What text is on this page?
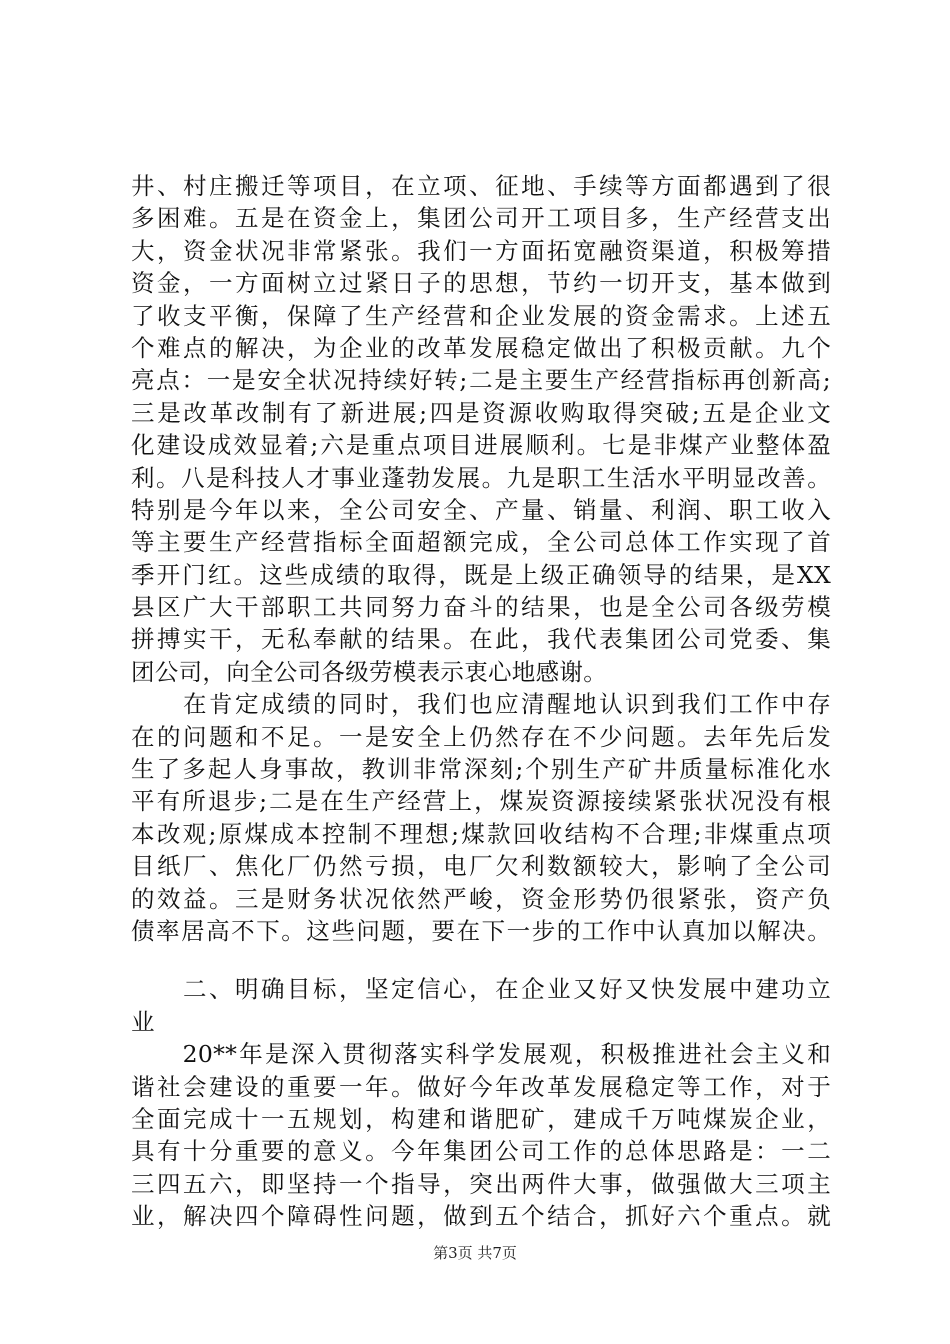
井、村庄搬迁等项目，在立项、征地、手续等方面都遇到了很
多困难。五是在资金上，集团公司开工项目多，生产经营支出
大，资金状况非常紧张。我们一方面拓宽融资渠道，积极筹措
资金，一方面树立过紧日子的思想，节约一切开支，基本做到
了收支平衡，保障了生产经营和企业发展的资金需求。上述五
个难点的解决，为企业的改革发展稳定做出了积极贡献。九个
亮点：一是安全状况持续好转;二是主要生产经营指标再创新高;
三是改革改制有了新进展;四是资源收购取得突破;五是企业文
化建设成效显着;六是重点项目进展顺利。七是非煤产业整体盈
利。八是科技人才事业蓬勃发展。九是职工生活水平明显改善。
特别是今年以来，全公司安全、产量、销量、利润、职工收入
等主要生产经营指标全面超额完成，全公司总体工作实现了首
季开门红。这些成绩的取得，既是上级正确领导的结果，是XX
县区广大干部职工共同努力奋斗的结果，也是全公司各级劳模
拼搏实干，无私奉献的结果。在此，我代表集团公司党委、集
团公司，向全公司各级劳模表示衷心地感谢。
　　在肯定成绩的同时，我们也应清醒地认识到我们工作中存
在的问题和不足。一是安全上仍然存在不少问题。去年先后发
生了多起人身事故，教训非常深刻;个别生产矿井质量标准化水
平有所退步;二是在生产经营上，煤炭资源接续紧张状况没有根
本改观;原煤成本控制不理想;煤款回收结构不合理;非煤重点项
目纸厂、焦化厂仍然亏损，电厂欠利数额较大，影响了全公司
的效益。三是财务状况依然严峻，资金形势仍很紧张，资产负
债率居高不下。这些问题，要在下一步的工作中认真加以解决。
　　二、明确目标，坚定信心，在企业又好又快发展中建功立
业
　　20**年是深入贯彻落实科学发展观，积极推进社会主义和
谐社会建设的重要一年。做好今年改革发展稳定等工作，对于
全面完成十一五规划，构建和谐肥矿，建成千万吨煤炭企业，
具有十分重要的意义。今年集团公司工作的总体思路是：一二
三四五六，即坚持一个指导，突出两件大事，做强做大三项主
业，解决四个障碍性问题，做到五个结合，抓好六个重点。就
第3页 共7页
